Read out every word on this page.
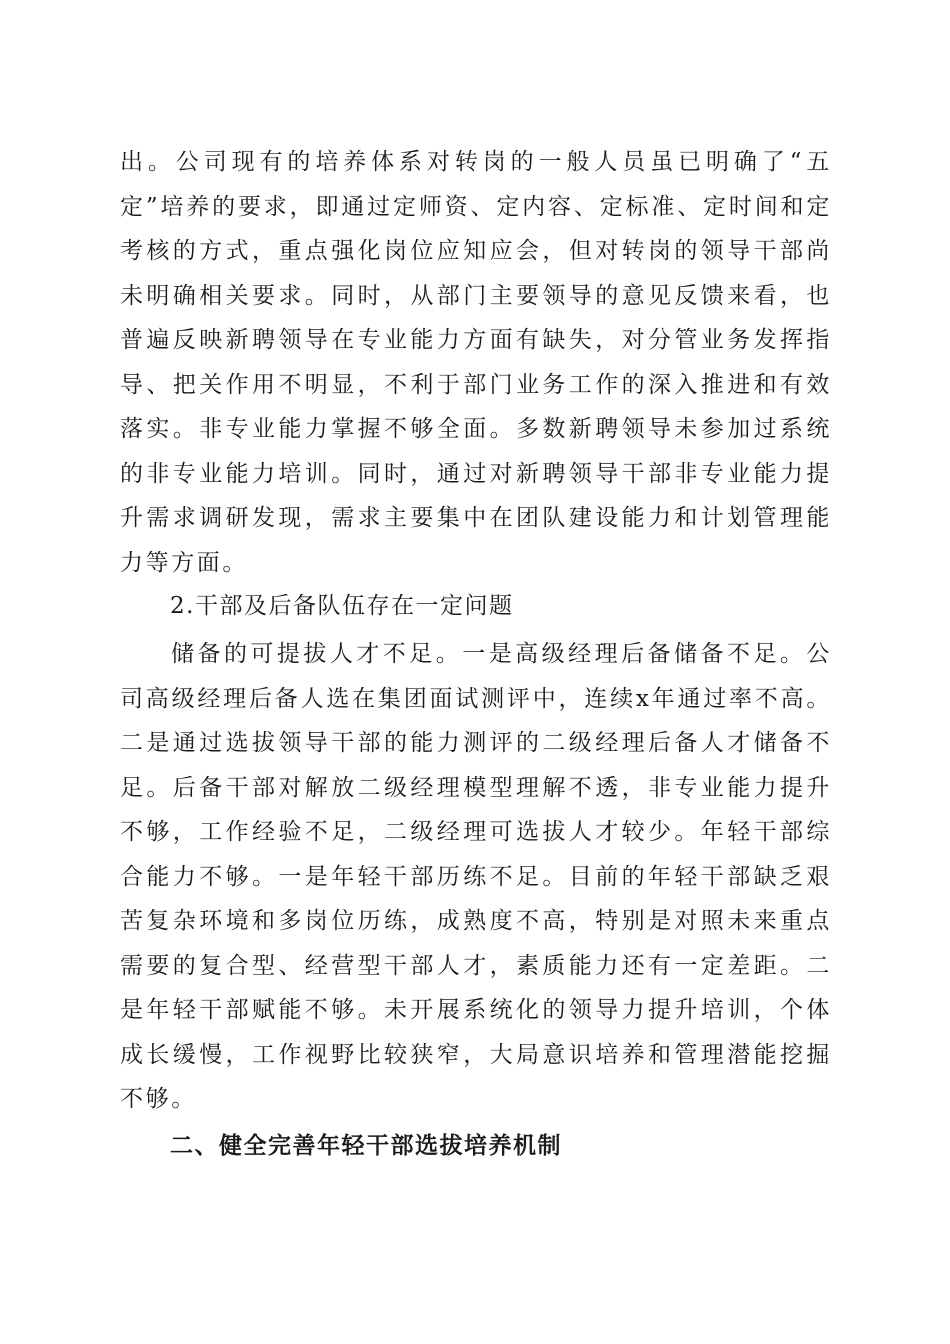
出。公司现有的培养体系对转岗的一般人员虽已明确了“五定”培养的要求，即通过定师资、定内容、定标准、定时间和定考核的方式，重点强化岗位应知应会，但对转岗的领导干部尚未明确相关要求。同时，从部门主要领导的意见反馈来看，也普遍反映新聘领导在专业能力方面有缺失，对分管业务发挥指导、把关作用不明显，不利于部门业务工作的深入推进和有效落实。非专业能力掌握不够全面。多数新聘领导未参加过系统的非专业能力培训。同时，通过对新聘领导干部非专业能力提升需求调研发现，需求主要集中在团队建设能力和计划管理能力等方面。

2.干部及后备队伍存在一定问题

储备的可提拔人才不足。一是高级经理后备储备不足。公司高级经理后备人选在集团面试测评中，连续x年通过率不高。二是通过选拔领导干部的能力测评的二级经理后备人才储备不足。后备干部对解放二级经理模型理解不透，非专业能力提升不够，工作经验不足，二级经理可选拔人才较少。年轻干部综合能力不够。一是年轻干部历练不足。目前的年轻干部缺乏艰苦复杂环境和多岗位历练，成熟度不高，特别是对照未来重点需要的复合型、经营型干部人才，素质能力还有一定差距。二是年轻干部赋能不够。未开展系统化的领导力提升培训，个体成长缓慢，工作视野比较狭窄，大局意识培养和管理潜能挖掘不够。

二、健全完善年轻干部选拔培养机制
